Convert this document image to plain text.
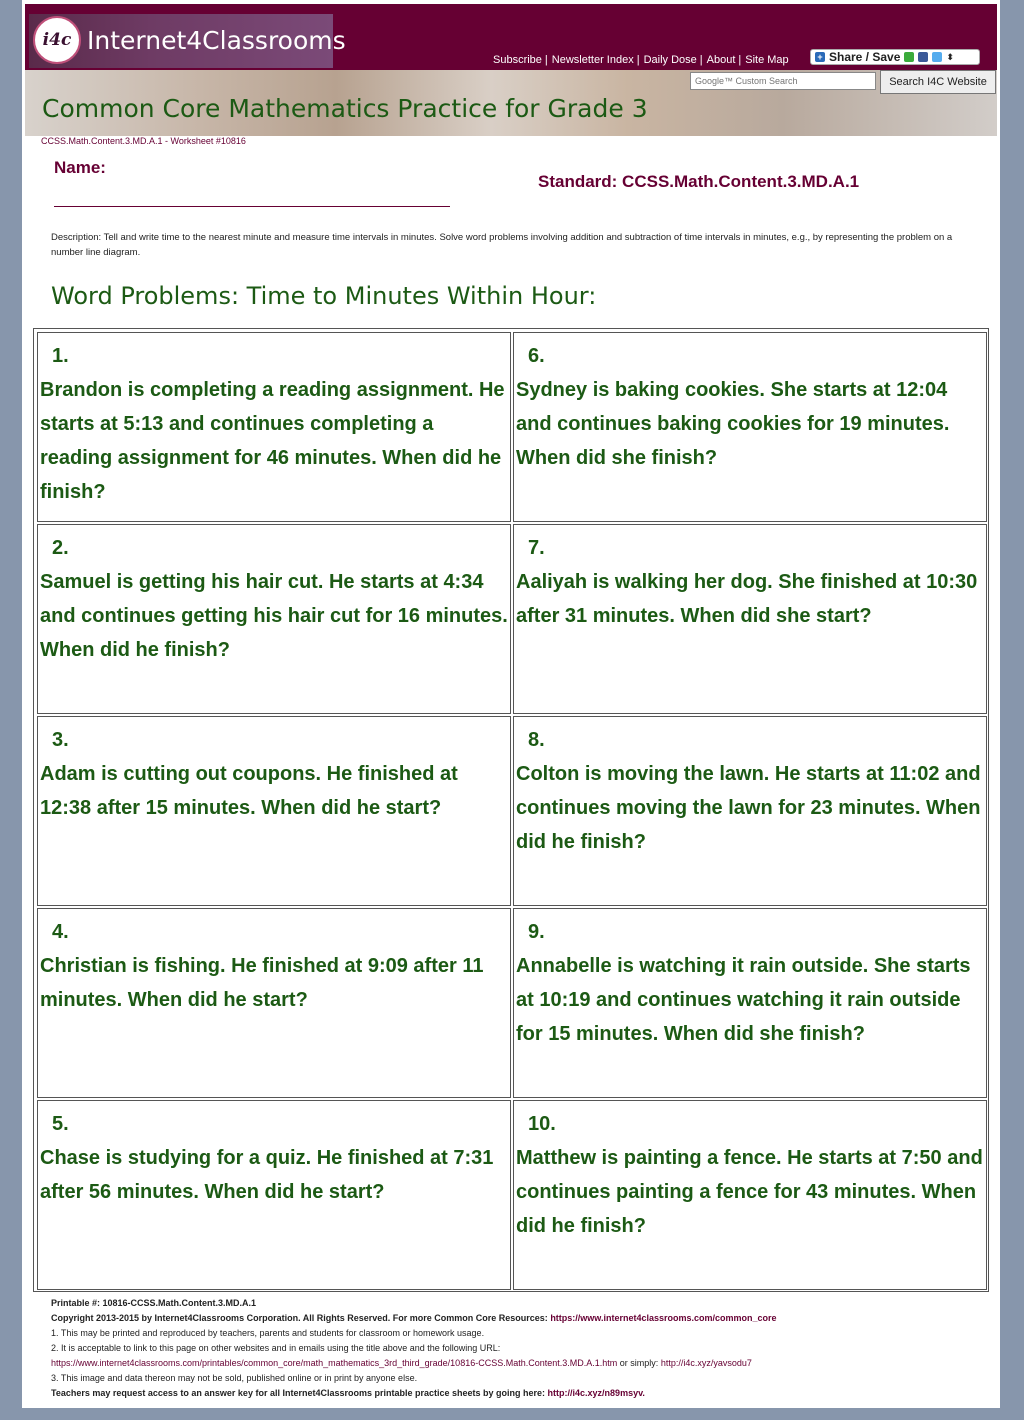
i4c Internet4Classrooms
Subscribe | Newsletter Index | Daily Dose | About | Site Map	+ Share / Save	⬍
Google™ Custom Search
Search I4C Website
Common Core Mathematics Practice for Grade 3
CCSS.Math.Content.3.MD.A.1 - Worksheet #10816
Name:
Standard: CCSS.Math.Content.3.MD.A.1
Description: Tell and write time to the nearest minute and measure time intervals in minutes. Solve word problems involving addition and subtraction of time intervals in minutes, e.g., by representing the problem on a number line diagram.
Word Problems: Time to Minutes Within Hour:
1.
Brandon is completing a reading assignment. He starts at 5:13 and continues completing a reading assignment for 46 minutes. When did he finish?
2.
Samuel is getting his hair cut. He starts at 4:34 and continues getting his hair cut for 16 minutes. When did he finish?
3.
Adam is cutting out coupons. He finished at 12:38 after 15 minutes. When did he start?
4.
Christian is fishing. He finished at 9:09 after 11 minutes. When did he start?
5.
Chase is studying for a quiz. He finished at 7:31 after 56 minutes. When did he start?
6.
Sydney is baking cookies. She starts at 12:04 and continues baking cookies for 19 minutes. When did she finish?
7.
Aaliyah is walking her dog. She finished at 10:30 after 31 minutes. When did she start?
8.
Colton is moving the lawn. He starts at 11:02 and continues moving the lawn for 23 minutes. When did he finish?
9.
Annabelle is watching it rain outside. She starts at 10:19 and continues watching it rain outside for 15 minutes. When did she finish?
10.
Matthew is painting a fence. He starts at 7:50 and continues painting a fence for 43 minutes. When did he finish?
Printable #: 10816-CCSS.Math.Content.3.MD.A.1
Copyright 2013-2015 by Internet4Classrooms Corporation. All Rights Reserved. For more Common Core Resources: https://www.internet4classrooms.com/common_core
1. This may be printed and reproduced by teachers, parents and students for classroom or homework usage.
2. It is acceptable to link to this page on other websites and in emails using the title above and the following URL:
https://www.internet4classrooms.com/printables/common_core/math_mathematics_3rd_third_grade/10816-CCSS.Math.Content.3.MD.A.1.htm or simply: http://i4c.xyz/yavsodu7
3. This image and data thereon may not be sold, published online or in print by anyone else.
Teachers may request access to an answer key for all Internet4Classrooms printable practice sheets by going here: http://i4c.xyz/n89msyv.
